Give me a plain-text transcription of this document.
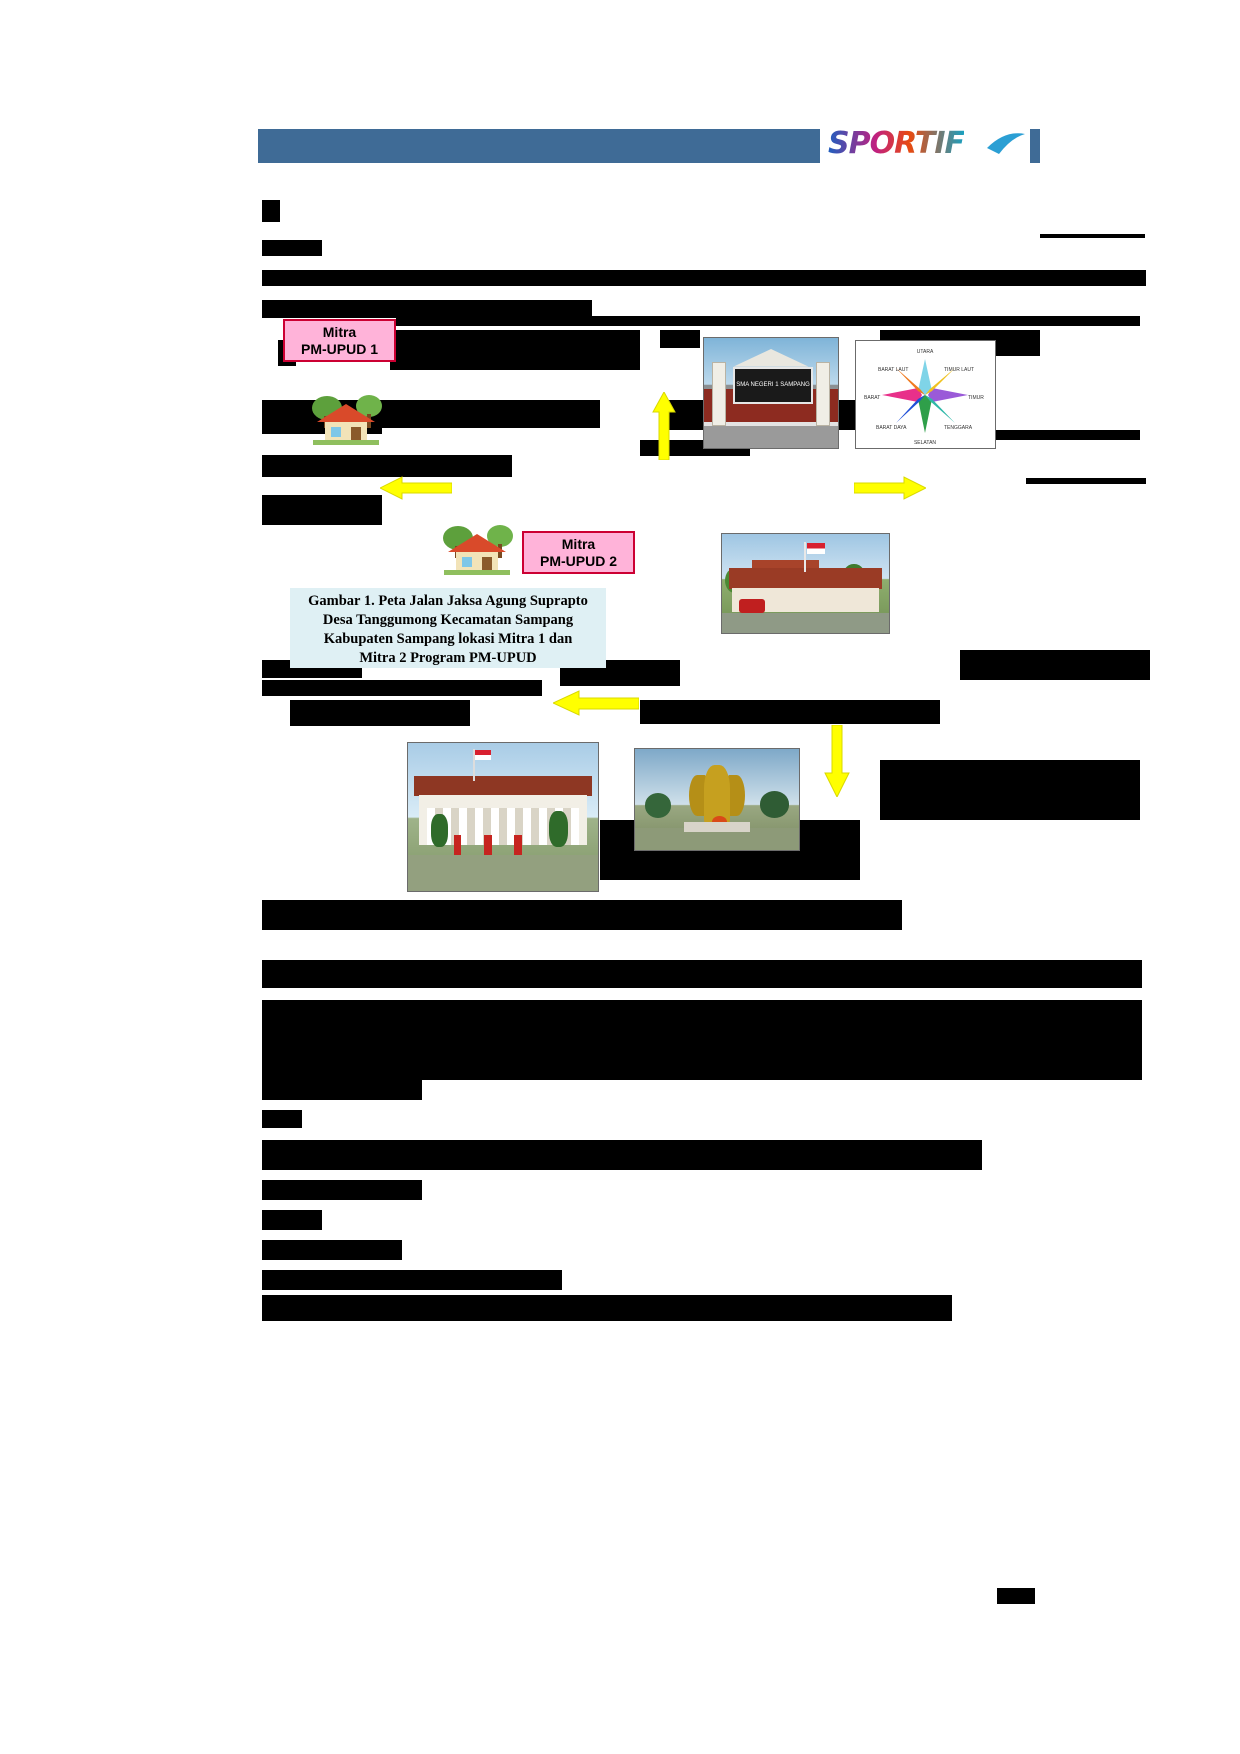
SPORTIF
Mitra
PM-UPUD 1
Mitra
PM-UPUD 2
Gambar 1. Peta Jalan Jaksa Agung Suprapto
Desa Tanggumong Kecamatan Sampang
Kabupaten Sampang lokasi Mitra 1 dan
Mitra 2 Program PM-UPUD
SMA NEGERI 1 SAMPANG
UTARA
SELATAN
BARAT	TIMUR
BARAT LAUT	TIMUR LAUT
BARAT DAYA	TENGGARA
